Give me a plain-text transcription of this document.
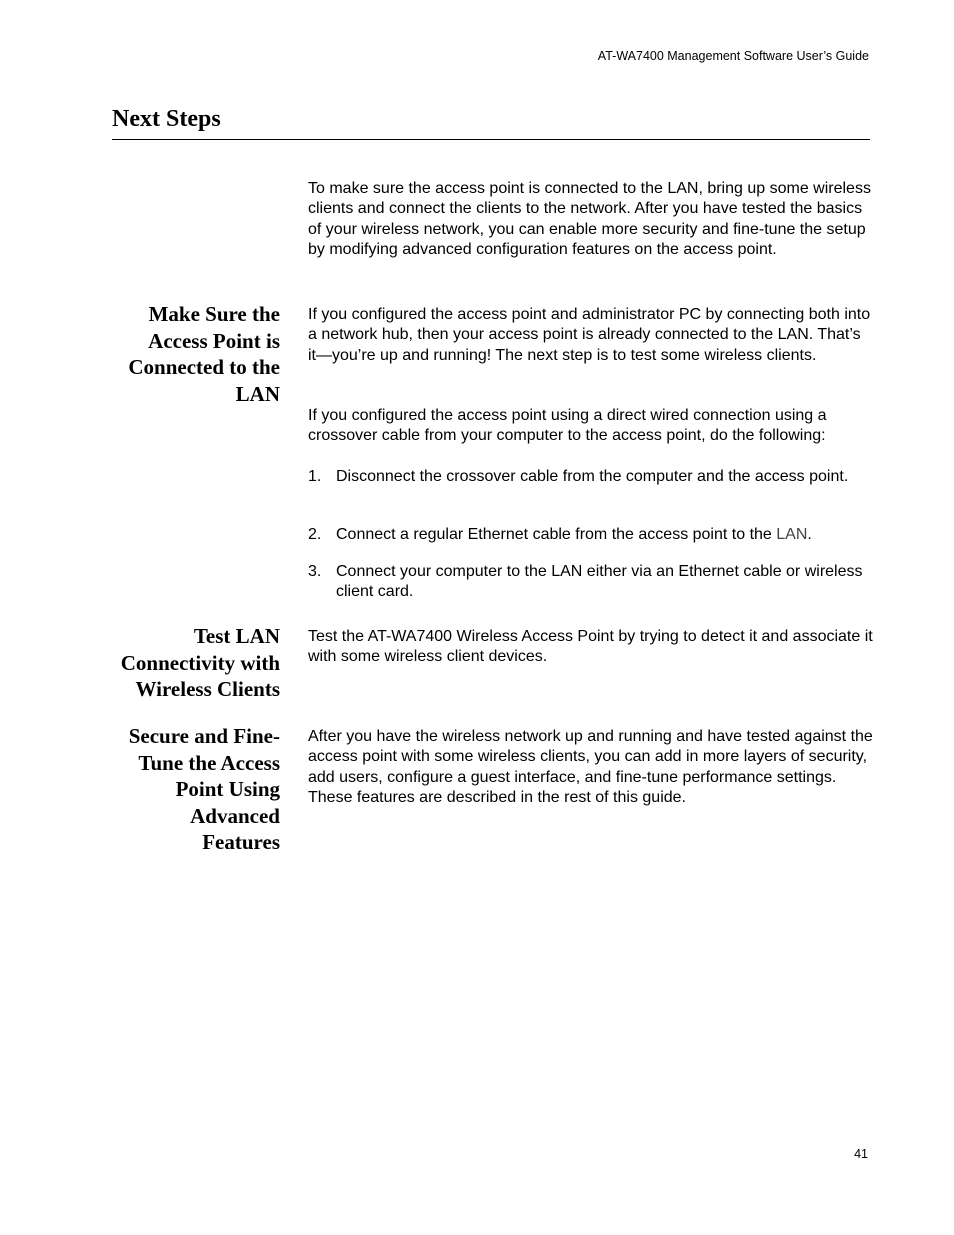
AT-WA7400 Management Software User’s Guide
Next Steps

To make sure the access point is connected to the LAN, bring up some wireless clients and connect the clients to the network. After you have tested the basics of your wireless network, you can enable more security and fine-tune the setup by modifying advanced configuration features on the access point.

Make Sure the
Access Point is
Connected to the
LAN

If you configured the access point and administrator PC by connecting both into a network hub, then your access point is already connected to the LAN. That’s it—you’re up and running! The next step is to test some wireless clients.

If you configured the access point using a direct wired connection using a crossover cable from your computer to the access point, do the following:

1. Disconnect the crossover cable from the computer and the access point.
2. Connect a regular Ethernet cable from the access point to the LAN.
3. Connect your computer to the LAN either via an Ethernet cable or wireless client card.
Test LAN
Connectivity with
Wireless Clients

Test the AT-WA7400 Wireless Access Point by trying to detect it and associate it with some wireless client devices.

Secure and Fine-
Tune the Access
Point Using
Advanced
Features

After you have the wireless network up and running and have tested against the access point with some wireless clients, you can add in more layers of security, add users, configure a guest interface, and fine-tune performance settings. These features are described in the rest of this guide.

41
